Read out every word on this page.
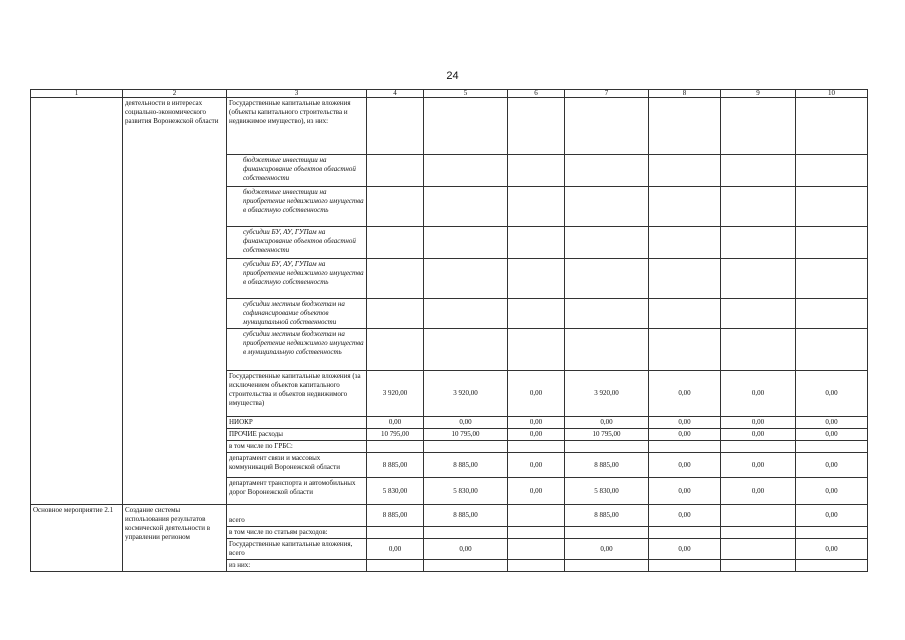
24
1	2	3	4	5	6	7	8	9	10
	деятельности в интересах социально-экономического развития Воронежской области	Государственные капитальные вложения (объекты капитального строительства и недвижимое имущество), из них:							
		бюджетные инвестиции на финансирование объектов областной собственности							
		бюджетные инвестиции на приобретение недвижимого имущества в областную собственность							
		субсидии БУ, АУ, ГУПам на финансирование объектов областной собственности							
		субсидии БУ, АУ, ГУПам на приобретение недвижимого имущества в областную собственность							
		субсидии местным бюджетам на софинансирование объектов муниципальной собственности							
		субсидии местным бюджетам на приобретение недвижимого имущества в муниципальную собственность							
		Государственные капитальные вложения (за исключением объектов капитального строительства и объектов недвижимого имущества)	3 920,00	3 920,00	0,00	3 920,00	0,00	0,00	0,00
		НИОКР	0,00	0,00	0,00	0,00	0,00	0,00	0,00
		ПРОЧИЕ расходы	10 795,00	10 795,00	0,00	10 795,00	0,00	0,00	0,00
		в том числе по ГРБС:							
		департамент связи и массовых коммуникаций Воронежской области	8 885,00	8 885,00	0,00	8 885,00	0,00	0,00	0,00
		департамент транспорта и автомобильных дорог Воронежской области	5 830,00	5 830,00	0,00	5 830,00	0,00	0,00	0,00
Основное мероприятие 2.1	Создание системы использования результатов космической деятельности в управлении регионом	всего	8 885,00	8 885,00		8 885,00	0,00		0,00
		в том числе по статьям расходов:							
		Государственные капитальные вложения, всего	0,00	0,00		0,00	0,00		0,00
		из них:							
